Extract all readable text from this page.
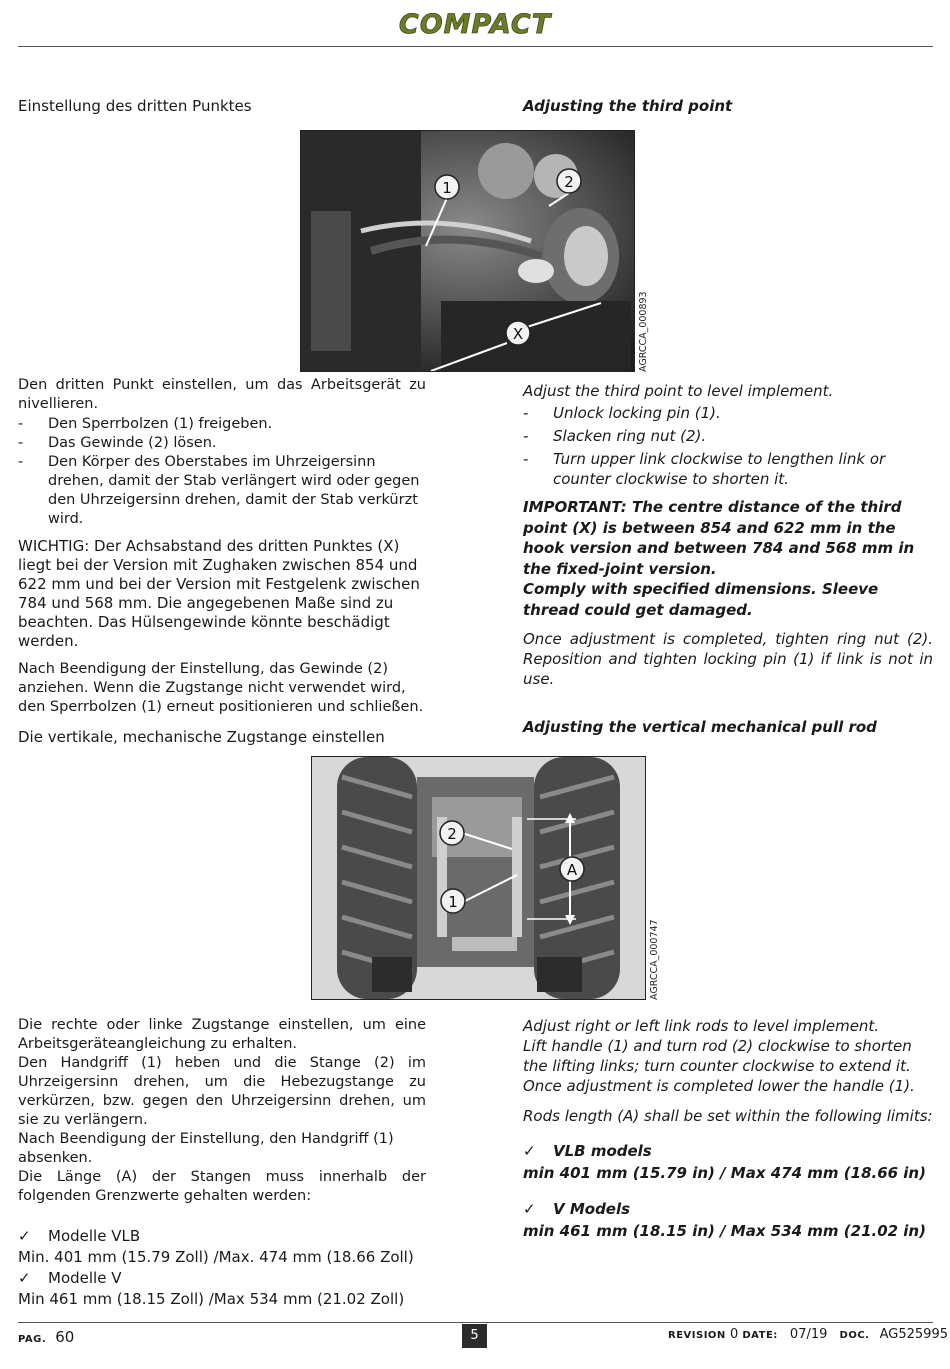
COMPACT
Einstellung des dritten Punktes	Adjusting the third point
1	2
X	AGRCCA_000893

Den dritten Punkt einstellen, um das Arbeitsgerät zu nivellieren.

- Den Sperrbolzen (1) freigeben.
- Das Gewinde (2) lösen.
- Den Körper des Oberstabes im Uhrzeigersinn drehen, damit der Stab verlängert wird oder gegen den Uhrzeigersinn drehen, damit der Stab verkürzt wird.

WICHTIG: Der Achsabstand des dritten Punktes (X) liegt bei der Version mit Zughaken zwischen 854 und 622 mm und bei der Version mit Festgelenk zwischen 784 und 568 mm. Die angegebenen Maße sind zu beachten. Das Hülsengewinde könnte beschädigt werden.

Nach Beendigung der Einstellung, das Gewinde (2) anziehen. Wenn die Zugstange nicht verwendet wird, den Sperrbolzen (1) erneut positionieren und schließen.

Die vertikale, mechanische Zugstange einstellen

Adjust the third point to level implement.

- Unlock locking pin (1).
- Slacken ring nut (2).
- Turn upper link clockwise to lengthen link or counter clockwise to shorten it.

IMPORTANT: The centre distance of the third point (X) is between 854 and 622 mm in the hook version and between 784 and 568 mm in the fixed-joint version.

Comply with specified dimensions. Sleeve thread could get damaged.

Once adjustment is completed, tighten ring nut (2). Reposition and tighten locking pin (1) if link is not in use.

Adjusting the vertical mechanical pull rod
2
1
A
AGRCCA_000747

Die rechte oder linke Zugstange einstellen, um eine Arbeitsgeräteangleichung zu erhalten.

Den Handgriff (1) heben und die Stange (2) im Uhrzeigersinn drehen, um die Hebezugstange zu verkürzen, bzw. gegen den Uhrzeigersinn drehen, um sie zu verlängern.

Nach Beendigung der Einstellung, den Handgriff (1) absenken.

Die Länge (A) der Stangen muss innerhalb der folgenden Grenzwerte gehalten werden:

✓ Modelle VLB
Min. 401 mm (15.79 Zoll) /Max. 474 mm (18.66 Zoll)
✓ Modelle V
Min 461 mm (18.15 Zoll) /Max 534 mm (21.02 Zoll)

Adjust right or left link rods to level implement.

Lift handle (1) and turn rod (2) clockwise to shorten the lifting links; turn counter clockwise to extend it.

Once adjustment is completed lower the handle (1).

Rods length (A) shall be set within the following limits:

✓ VLB models
min 401 mm (15.79 in) / Max 474 mm (18.66 in)
✓ V Models
min 461 mm (18.15 in) / Max 534 mm (21.02 in)
PAG. 60	5	REVISION 0 DATE: 07/19 DOC. AG525995
